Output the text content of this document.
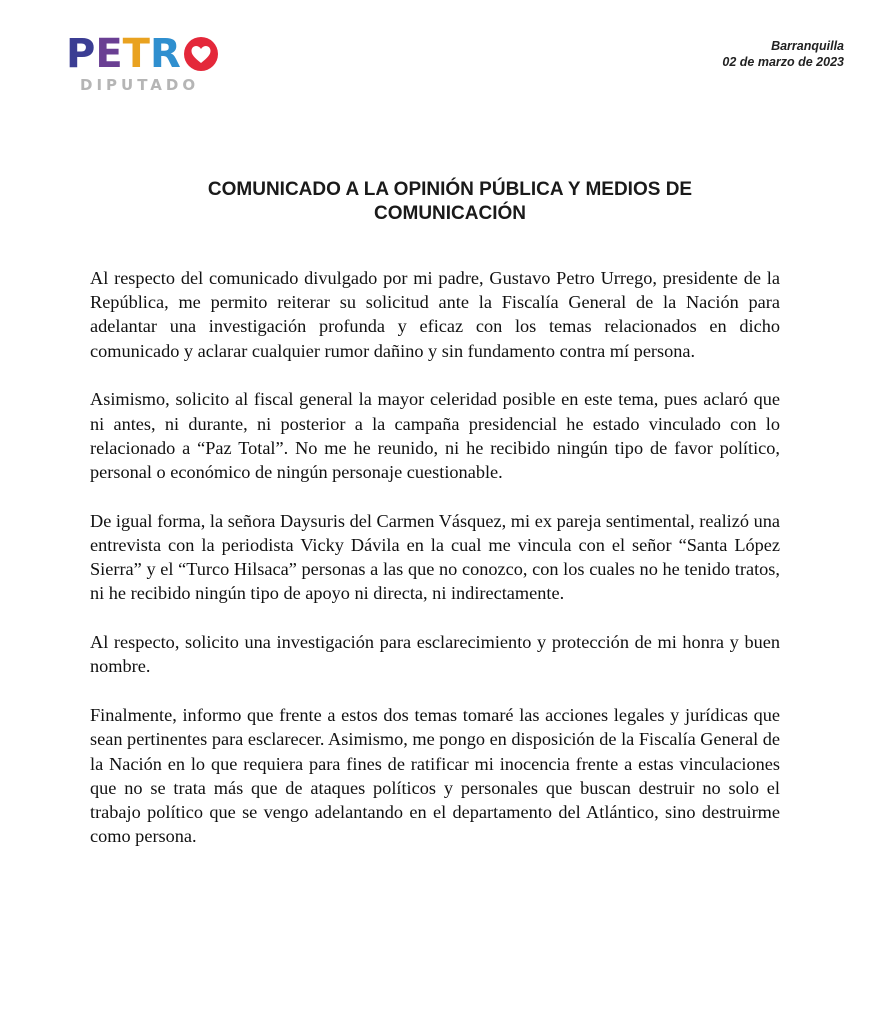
P E T R
DIPUTADO
Barranquilla
02 de marzo de 2023
COMUNICADO A LA OPINIÓN PÚBLICA Y MEDIOS DE
COMUNICACIÓN

Al respecto del comunicado divulgado por mi padre, Gustavo Petro Urrego, presidente de la República, me permito reiterar su solicitud ante la Fiscalía General de la Nación para adelantar una investigación profunda y eficaz con los temas relacionados en dicho comunicado y aclarar cualquier rumor dañino y sin fundamento contra mí persona.

Asimismo, solicito al fiscal general la mayor celeridad posible en este tema, pues aclaró que ni antes, ni durante, ni posterior a la campaña presidencial he estado vinculado con lo relacionado a “Paz Total”. No me he reunido, ni he recibido ningún tipo de favor político, personal o económico de ningún personaje cuestionable.

De igual forma, la señora Daysuris del Carmen Vásquez, mi ex pareja sentimental, realizó una entrevista con la periodista Vicky Dávila en la cual me vincula con el señor “Santa López Sierra” y el “Turco Hilsaca” personas a las que no conozco, con los cuales no he tenido tratos, ni he recibido ningún tipo de apoyo ni directa, ni indirectamente.

Al respecto, solicito una investigación para esclarecimiento y protección de mi honra y buen nombre.

Finalmente, informo que frente a estos dos temas tomaré las acciones legales y jurídicas que sean pertinentes para esclarecer. Asimismo, me pongo en disposición de la Fiscalía General de la Nación en lo que requiera para fines de ratificar mi inocencia frente a estas vinculaciones que no se trata más que de ataques políticos y personales que buscan destruir no solo el trabajo político que se vengo adelantando en el departamento del Atlántico, sino destruirme como persona.
